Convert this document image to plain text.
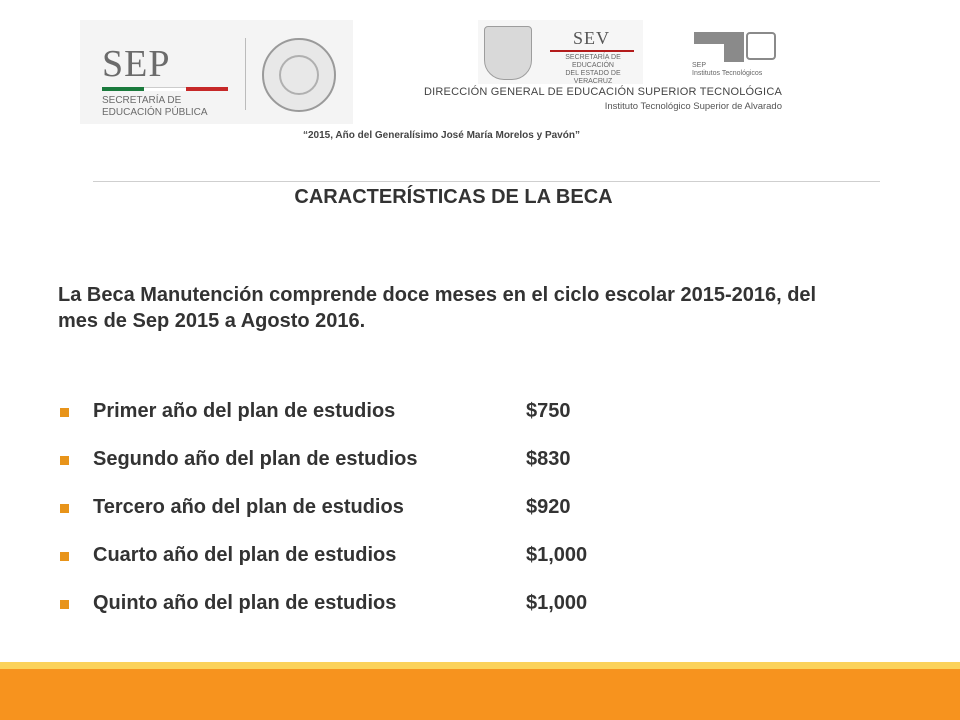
SEP
SECRETARÍA DE
EDUCACIÓN PÚBLICA
SEV
SECRETARÍA DE EDUCACIÓN
DEL ESTADO DE VERACRUZ
SEP
Institutos Tecnológicos
DIRECCIÓN GENERAL DE EDUCACIÓN SUPERIOR TECNOLÓGICA
Instituto Tecnológico Superior de Alvarado
“2015, Año del Generalísimo José María Morelos y Pavón”
CARACTERÍSTICAS DE LA BECA
La Beca Manutención comprende doce meses en el ciclo escolar 2015-2016, del mes de Sep 2015 a Agosto 2016.
Primer año del plan de estudios	$750
Segundo año del plan de estudios	$830
Tercero año del plan de estudios	$920
Cuarto año del plan de estudios	$1,000
Quinto año del plan de estudios	$1,000
